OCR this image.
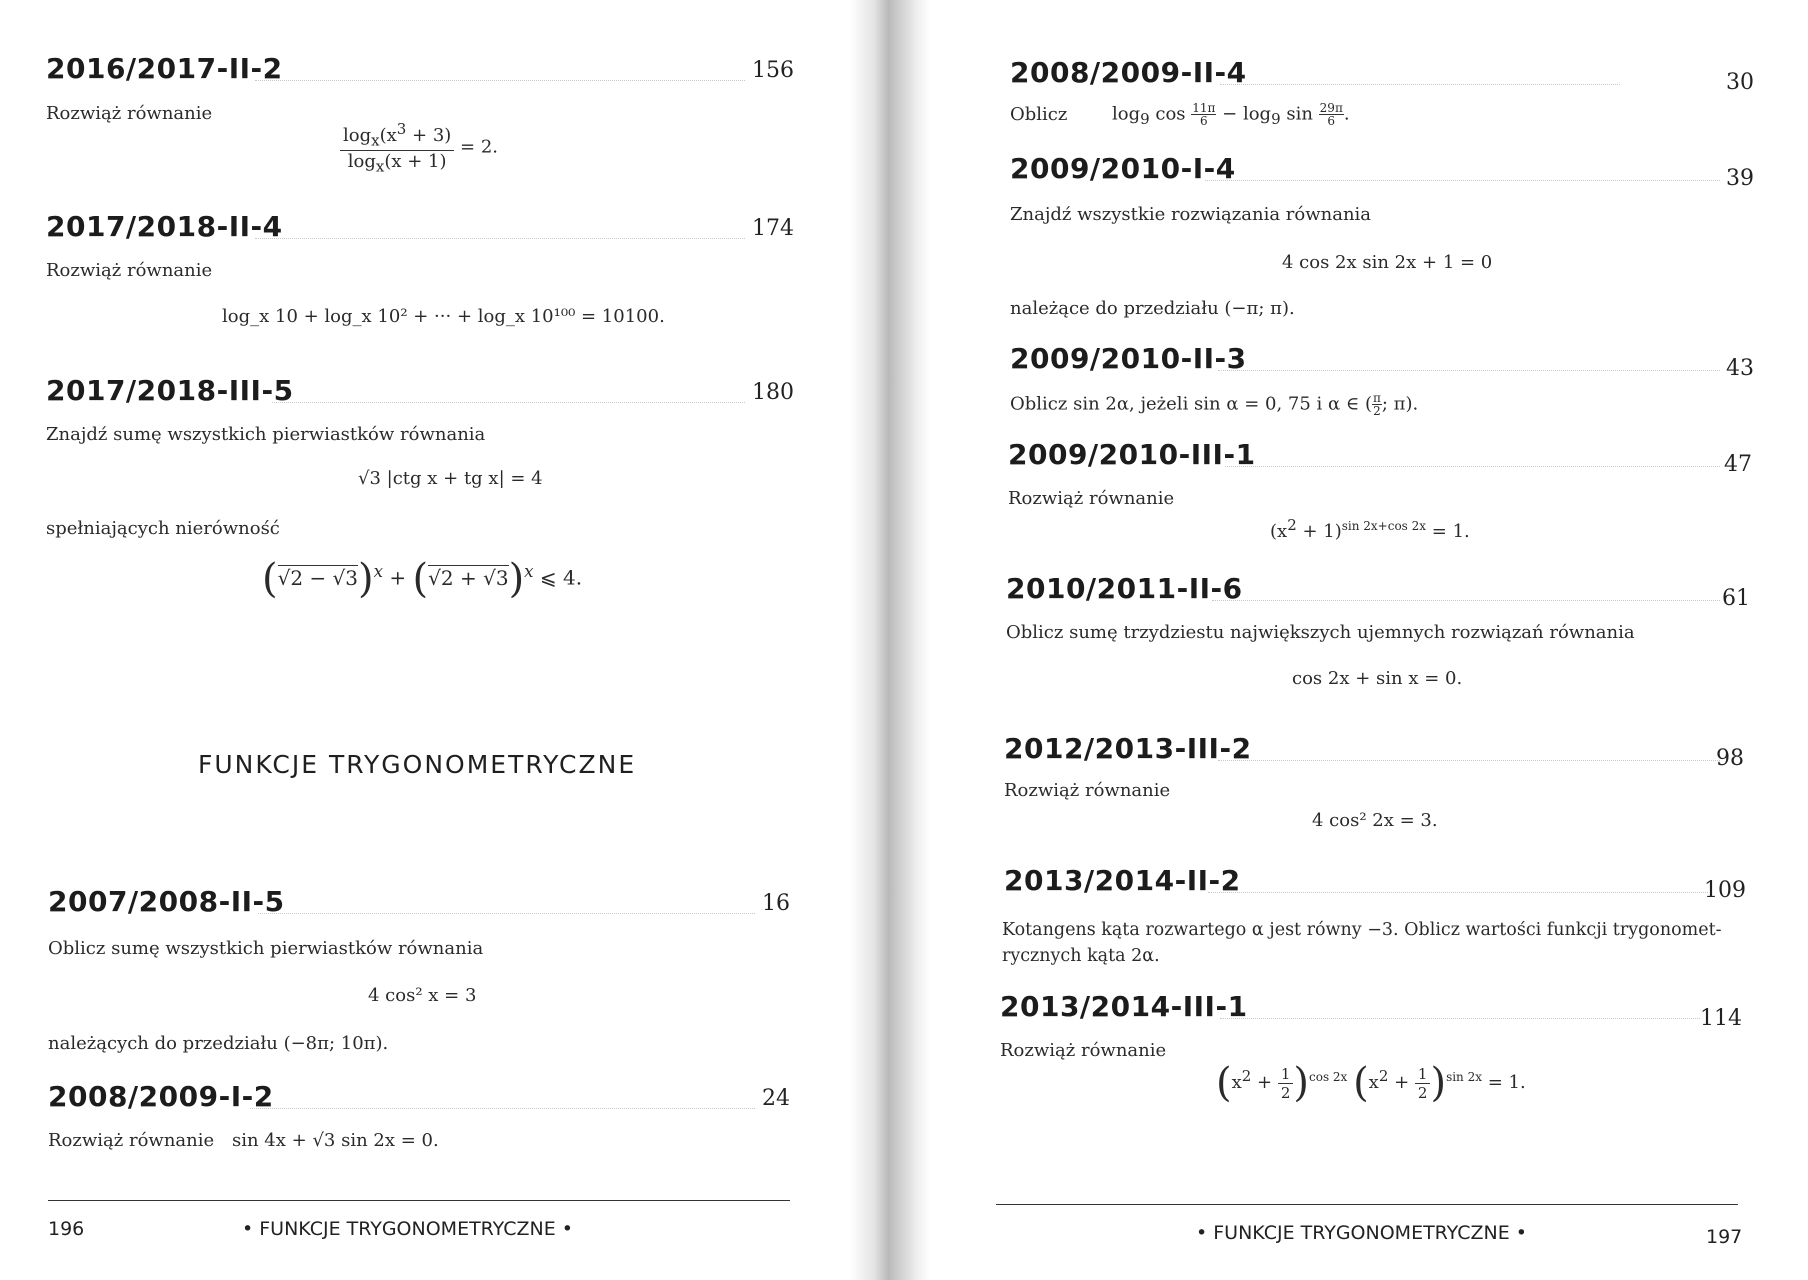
2016/2017-II-2	156
Rozwiąż równanie
$\frac{\log_x(x^3 + 3)}{\log_x(x + 1)} = 2$.
2017/2018-II-4	174
Rozwiąż równanie
log_x 10 + log_x 10² + ··· + log_x 10¹⁰⁰ = 10100.
2017/2018-III-5	180
Znajdź sumę wszystkich pierwiastków równania
√3 |ctg x + tg x| = 4
spełniających nierówność
$(√2 - √3)^x + (√2 + √3)^x$ ⩽ 4.
FUNKCJE TRYGONOMETRYCZNE
2007/2008-II-5	16
Oblicz sumę wszystkich pierwiastków równania
4 cos² x = 3
należących do przedziału (−8π; 10π).
2008/2009-I-2	24
Rozwiąż równanie sin 4x + √3 sin 2x = 0.
196	• FUNKCJE TRYGONOMETRYCZNE •
2008/2009-II-4	30
Oblicz $\log_9 \cos \frac{11\pi}{6} - \log_9 \sin \frac{29\pi}{6}$ .
2009/2010-I-4	39
Znajdź wszystkie rozwiązania równania
4 cos 2x sin 2x + 1 = 0
należące do przedziału (−π; π).
2009/2010-II-3	43
Oblicz sin 2α, jeżeli sin α = 0, 75 i α ∈ ( $\frac{\pi}{2}$ ; π).
2009/2010-III-1	47
Rozwiąż równanie
$(x^2 + 1)^{sin 2x+cos 2x} = 1$.
2010/2011-II-6	61
Oblicz sumę trzydziestu największych ujemnych rozwiązań równania
cos 2x + sin x = 0.
2012/2013-III-2	98
Rozwiąż równanie
4 cos² 2x = 3.
2013/2014-II-2	109
Kotangens kąta rozwartego α jest równy −3. Oblicz wartości funkcji trygonomet-
rycznych kąta 2α.
2013/2014-III-1	114
Rozwiąż równanie
$(x^2 + \frac{1}{2} )^{cos 2x}$ $(x^2 + \frac{1}{2} )^{sin 2x} = 1$.
• FUNKCJE TRYGONOMETRYCZNE •	197
